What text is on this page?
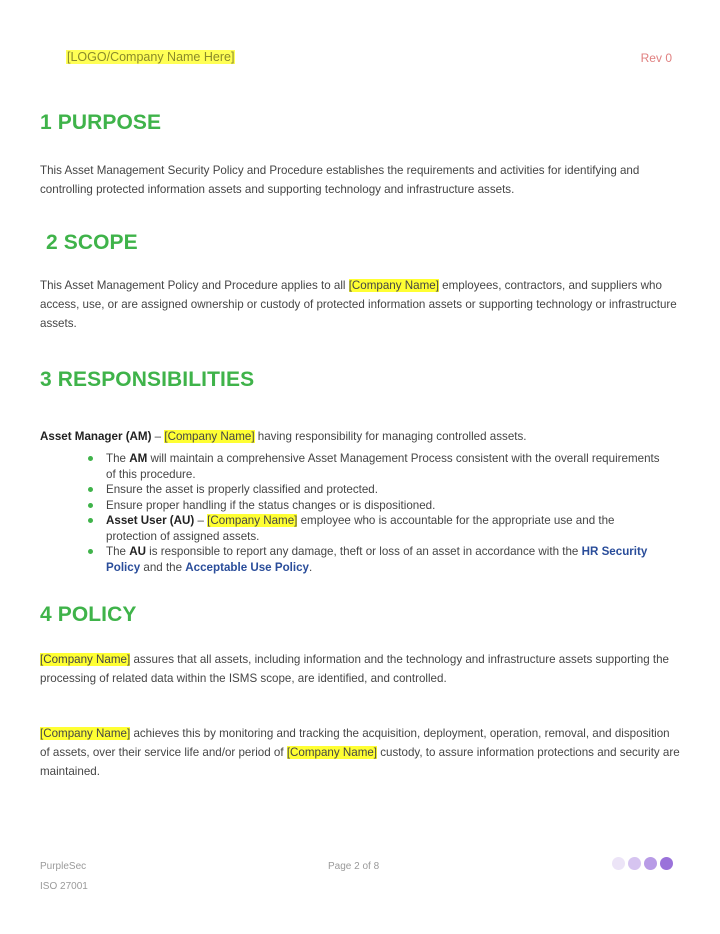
[LOGO/Company Name Here]	Rev 0
1 PURPOSE
This Asset Management Security Policy and Procedure establishes the requirements and activities for identifying and controlling protected information assets and supporting technology and infrastructure assets.
2 SCOPE
This Asset Management Policy and Procedure applies to all [Company Name] employees, contractors, and suppliers who access, use, or are assigned ownership or custody of protected information assets or supporting technology or infrastructure assets.
3 RESPONSIBILITIES
Asset Manager (AM) – [Company Name] having responsibility for managing controlled assets.
The AM will maintain a comprehensive Asset Management Process consistent with the overall requirements of this procedure.
Ensure the asset is properly classified and protected.
Ensure proper handling if the status changes or is dispositioned.
Asset User (AU) – [Company Name] employee who is accountable for the appropriate use and the protection of assigned assets.
The AU is responsible to report any damage, theft or loss of an asset in accordance with the HR Security Policy and the Acceptable Use Policy.
4 POLICY
[Company Name] assures that all assets, including information and the technology and infrastructure assets supporting the processing of related data within the ISMS scope, are identified, and controlled.
[Company Name] achieves this by monitoring and tracking the acquisition, deployment, operation, removal, and disposition of assets, over their service life and/or period of [Company Name] custody, to assure information protections and security are maintained.
PurpleSec
ISO 27001
Page 2 of 8
